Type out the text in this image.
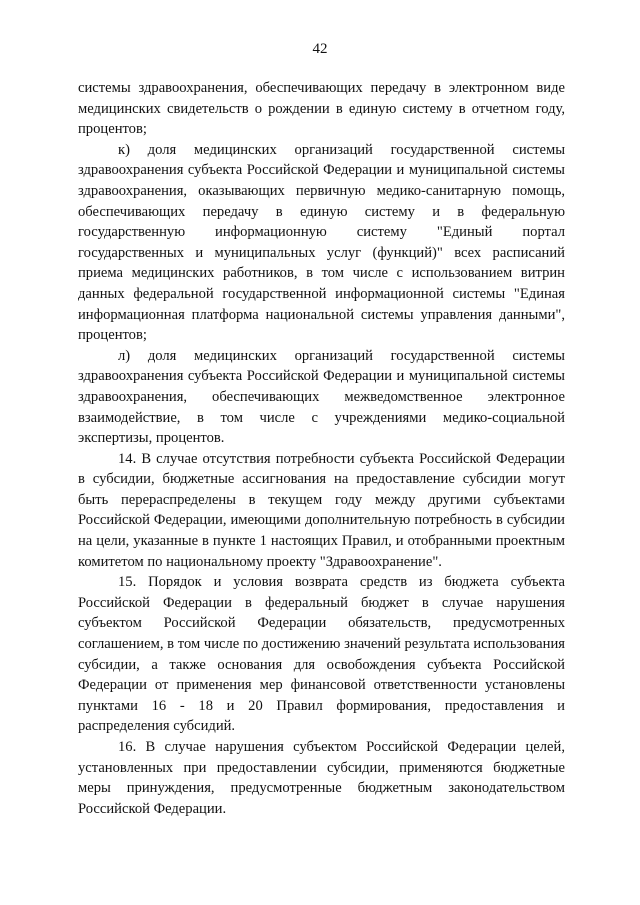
42

системы здравоохранения, обеспечивающих передачу в электронном виде медицинских свидетельств о рождении в единую систему в отчетном году, процентов;

к) доля медицинских организаций государственной системы здравоохранения субъекта Российской Федерации и муниципальной системы здравоохранения, оказывающих первичную медико-санитарную помощь, обеспечивающих передачу в единую систему и в федеральную государственную информационную систему "Единый портал государственных и муниципальных услуг (функций)" всех расписаний приема медицинских работников, в том числе с использованием витрин данных федеральной государственной информационной системы "Единая информационная платформа национальной системы управления данными", процентов;

л) доля медицинских организаций государственной системы здравоохранения субъекта Российской Федерации и муниципальной системы здравоохранения, обеспечивающих межведомственное электронное взаимодействие, в том числе с учреждениями медико-социальной экспертизы, процентов.

14. В случае отсутствия потребности субъекта Российской Федерации в субсидии, бюджетные ассигнования на предоставление субсидии могут быть перераспределены в текущем году между другими субъектами Российской Федерации, имеющими дополнительную потребность в субсидии на цели, указанные в пункте 1 настоящих Правил, и отобранными проектным комитетом по национальному проекту "Здравоохранение".

15. Порядок и условия возврата средств из бюджета субъекта Российской Федерации в федеральный бюджет в случае нарушения субъектом Российской Федерации обязательств, предусмотренных соглашением, в том числе по достижению значений результата использования субсидии, а также основания для освобождения субъекта Российской Федерации от применения мер финансовой ответственности установлены пунктами 16 - 18 и 20 Правил формирования, предоставления и распределения субсидий.

16. В случае нарушения субъектом Российской Федерации целей, установленных при предоставлении субсидии, применяются бюджетные меры принуждения, предусмотренные бюджетным законодательством Российской Федерации.
